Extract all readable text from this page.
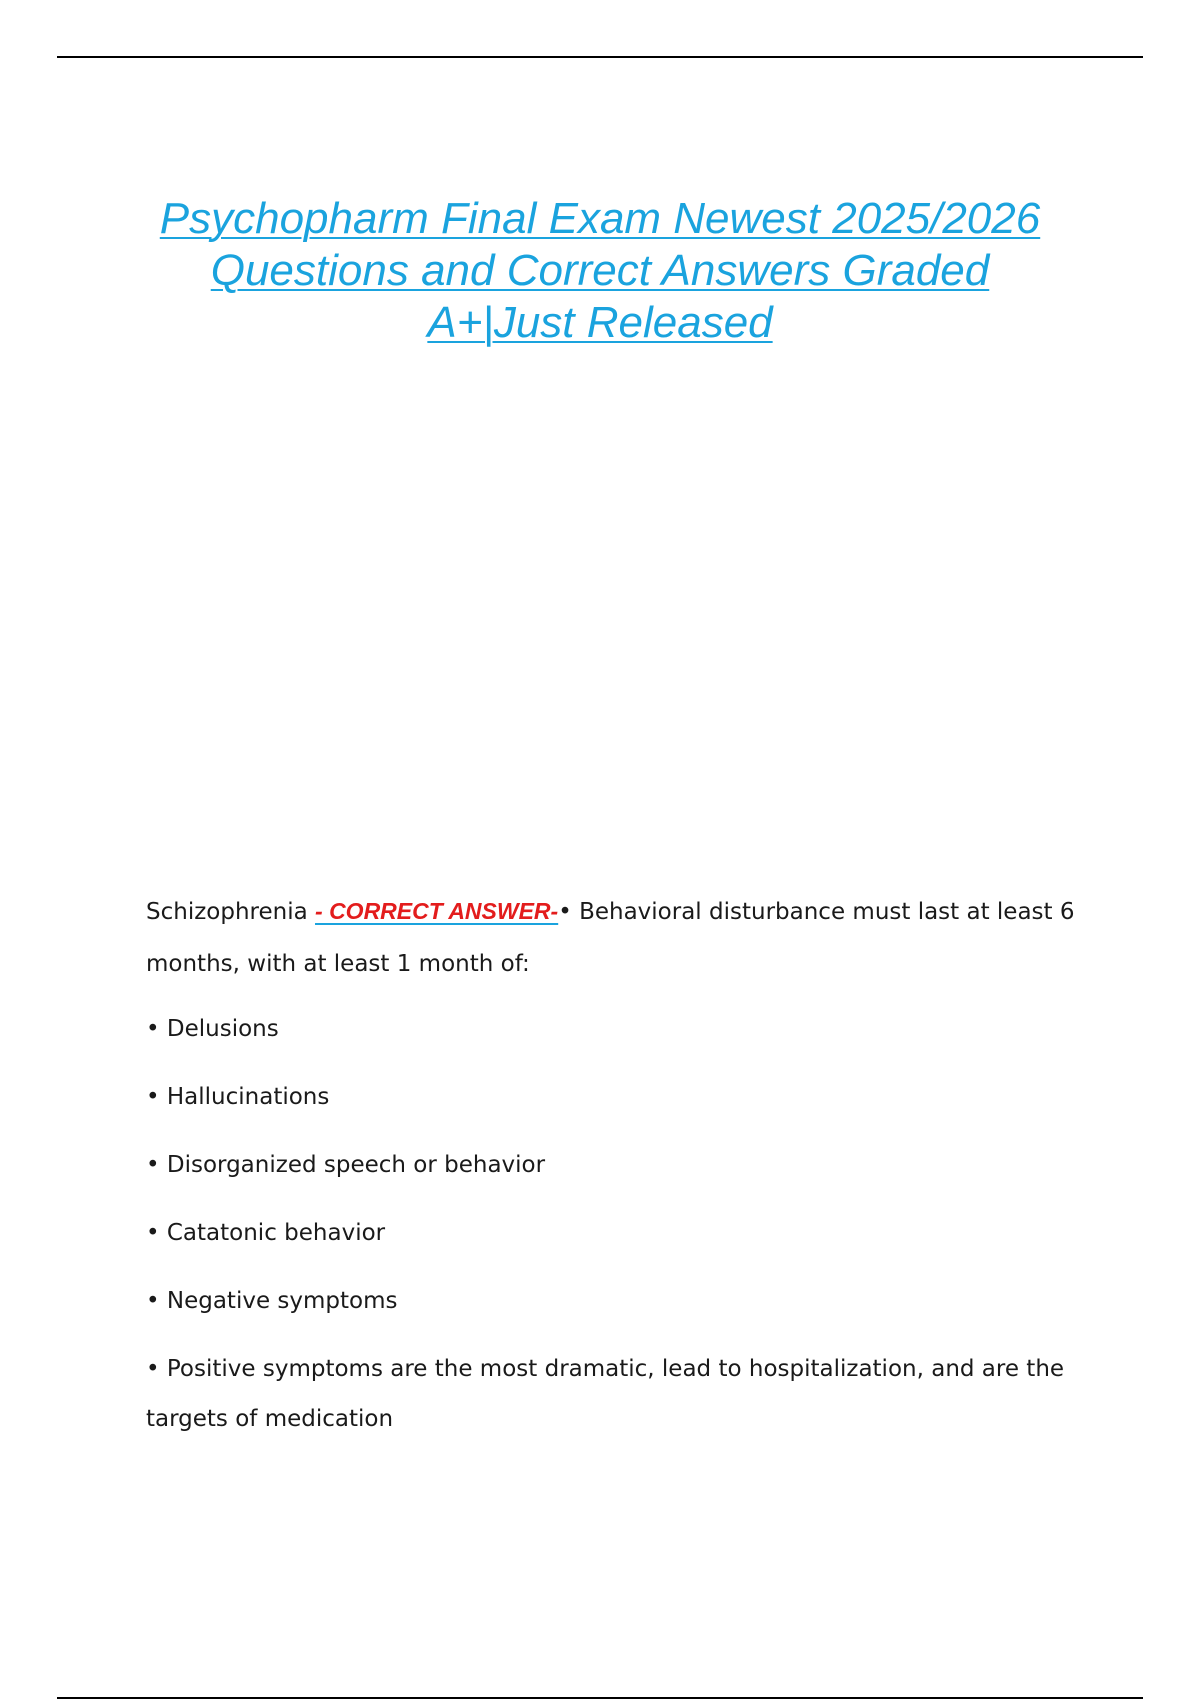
Psychopharm Final Exam Newest 2025/2026
Questions and Correct Answers Graded
A+|Just Released

Schizophrenia - CORRECT ANSWER-• Behavioral disturbance must last at least 6 months, with at least 1 month of:

• Delusions

• Hallucinations

• Disorganized speech or behavior

• Catatonic behavior

• Negative symptoms

• Positive symptoms are the most dramatic, lead to hospitalization, and are the targets of medication
